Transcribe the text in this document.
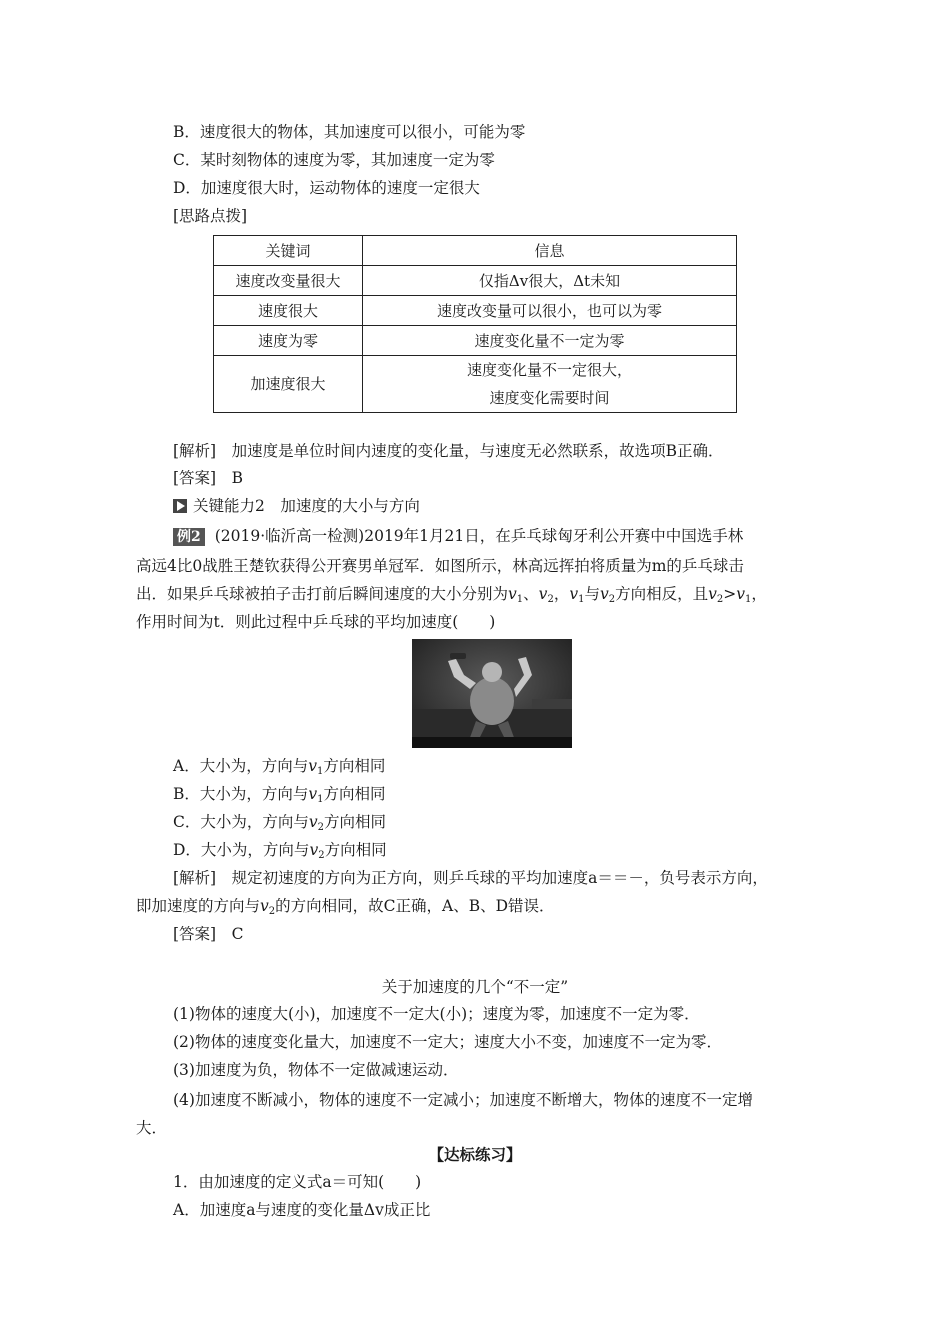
B．速度很大的物体，其加速度可以很小，可能为零
C．某时刻物体的速度为零，其加速度一定为零
D．加速度很大时，运动物体的速度一定很大
[思路点拨]
关键词	信息
速度改变量很大	仅指Δv很大，Δt未知
速度很大	速度改变量可以很小，也可以为零
速度为零	速度变化量不一定为零
加速度很大	速度变化量不一定很大，
速度变化需要时间
[解析]　加速度是单位时间内速度的变化量，与速度无必然联系，故选项B正确．
[答案]　B
关键能力2　加速度的大小与方向
例2 (2019·临沂高一检测)2019年1月21日，在乒乓球匈牙利公开赛中中国选手林
高远4比0战胜王楚钦获得公开赛男单冠军．如图所示，林高远挥拍将质量为m的乒乓球击
出．如果乒乓球被拍子击打前后瞬间速度的大小分别为$v_1$、$v_2$，$v_1$与$v_2$方向相反，且$v_2>v_1$，
作用时间为t．则此过程中乒乓球的平均加速度(　　)
A．大小为，方向与$v_1$方向相同
B．大小为，方向与$v_1$方向相同
C．大小为，方向与$v_2$方向相同
D．大小为，方向与$v_2$方向相同
[解析]　规定初速度的方向为正方向，则乒乓球的平均加速度a＝＝－，负号表示方向，
即加速度的方向与$v_2$的方向相同，故C正确，A、B、D错误．
[答案]　C
关于加速度的几个“不一定”
(1)物体的速度大(小)，加速度不一定大(小)；速度为零，加速度不一定为零．
(2)物体的速度变化量大，加速度不一定大；速度大小不变，加速度不一定为零．
(3)加速度为负，物体不一定做减速运动．
(4)加速度不断减小，物体的速度不一定减小；加速度不断增大，物体的速度不一定增
大．
【达标练习】
1．由加速度的定义式a＝可知(　　)
A．加速度a与速度的变化量Δv成正比
